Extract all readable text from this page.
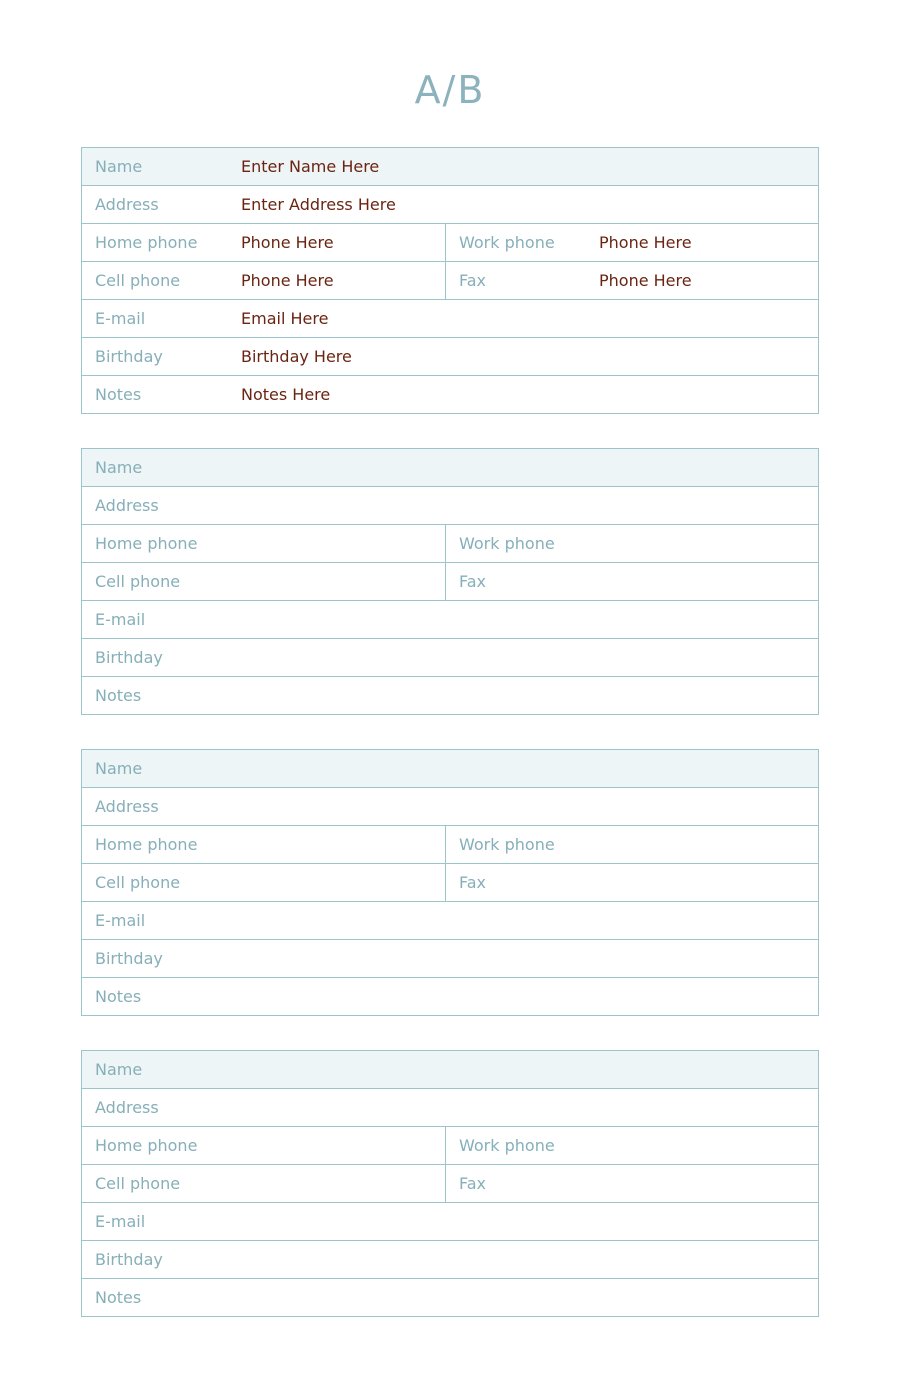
A/B
Name	Enter Name Here
Address	Enter Address Here
Home phone	Phone Here	Work phone	Phone Here
Cell phone	Phone Here	Fax	Phone Here
E-mail	Email Here
Birthday	Birthday Here
Notes	Notes Here
Name
Address
Home phone	Work phone
Cell phone	Fax
E-mail
Birthday
Notes
Name
Address
Home phone	Work phone
Cell phone	Fax
E-mail
Birthday
Notes
Name
Address
Home phone	Work phone
Cell phone	Fax
E-mail
Birthday
Notes
